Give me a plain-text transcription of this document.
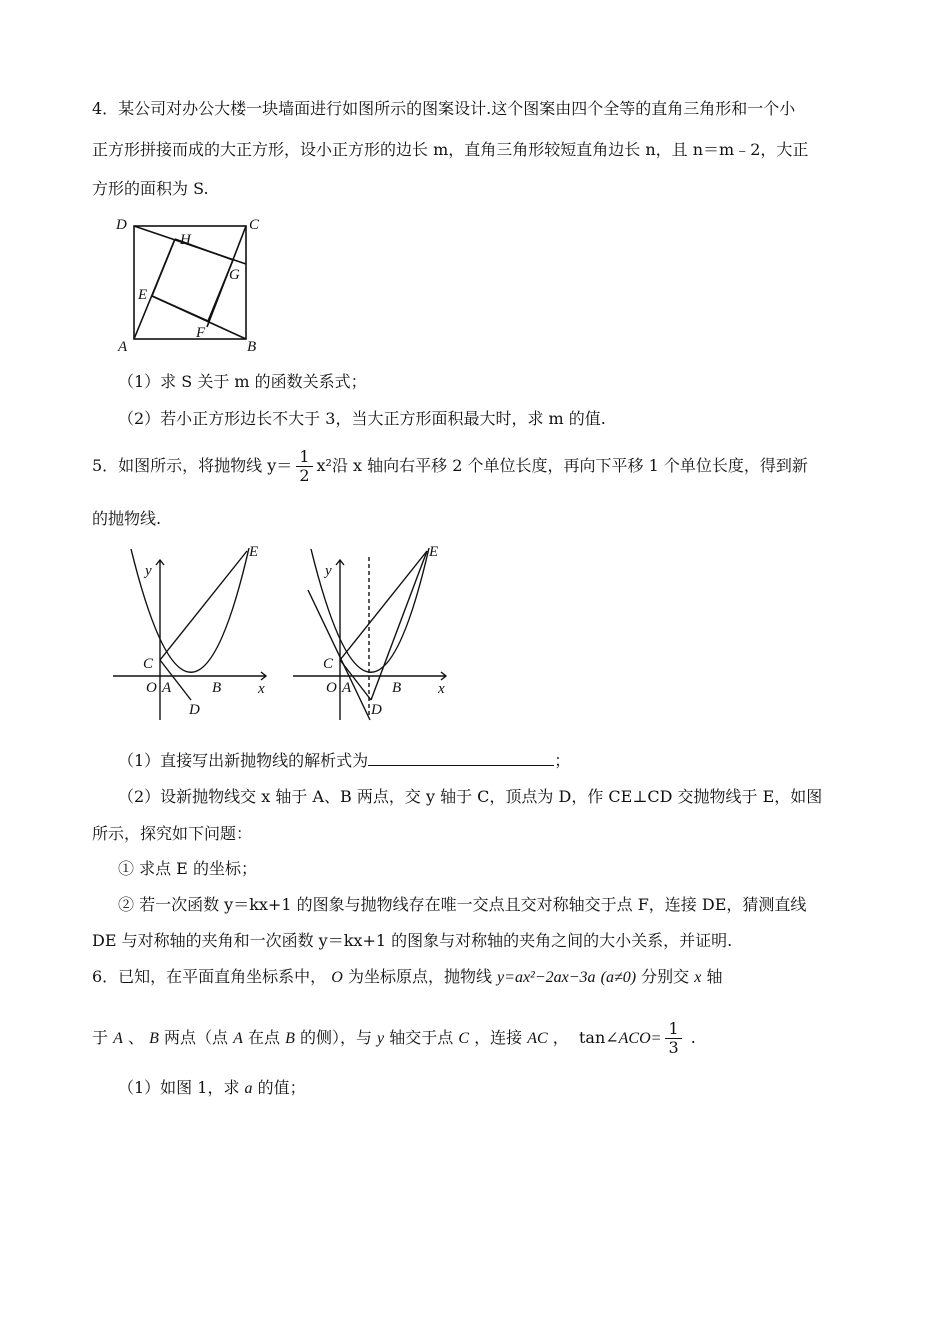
4．某公司对办公大楼一块墙面进行如图所示的图案设计.这个图案由四个全等的直角三角形和一个小
正方形拼接而成的大正方形，设小正方形的边长 m，直角三角形较短直角边长 n，且 n＝m﹣2，大正
方形的面积为 S.
D	C
H
G
E
F
A	B
（1）求 S 关于 m 的函数关系式；
（2）若小正方形边长不大于 3，当大正方形面积最大时，求 m 的值.
5．如图所示，将抛物线 $y= \frac{1}{2} x^2$沿 x 轴向右平移 2 个单位长度，再向下平移 1 个单位长度，得到新
的抛物线.
y
x
C
O A	B
D
E
y
x
C
O A	B
D
E
（1）直接写出新抛物线的解析式为	；
（2）设新抛物线交 x 轴于 A、B 两点，交 y 轴于 C，顶点为 D，作 CE⊥CD 交抛物线于 E，如图
所示，探究如下问题：
① 求点 E 的坐标；
② 若一次函数 y＝kx+1 的图象与抛物线存在唯一交点且交对称轴交于点 F，连接 DE，猜测直线
DE 与对称轴的夹角和一次函数 y＝kx+1 的图象与对称轴的夹角之间的大小关系，并证明.
6．已知，在平面直角坐标系中， O 为坐标原点，抛物线 y=ax²−2ax−3a (a≠0) 分别交 x 轴
于 A 、 B 两点（点 A 在点 B 的侧），与 y 轴交于点 C ，连接 AC ， tan∠ACO= $\frac{1}{3}$ .
（1）如图 1，求 a 的值；
